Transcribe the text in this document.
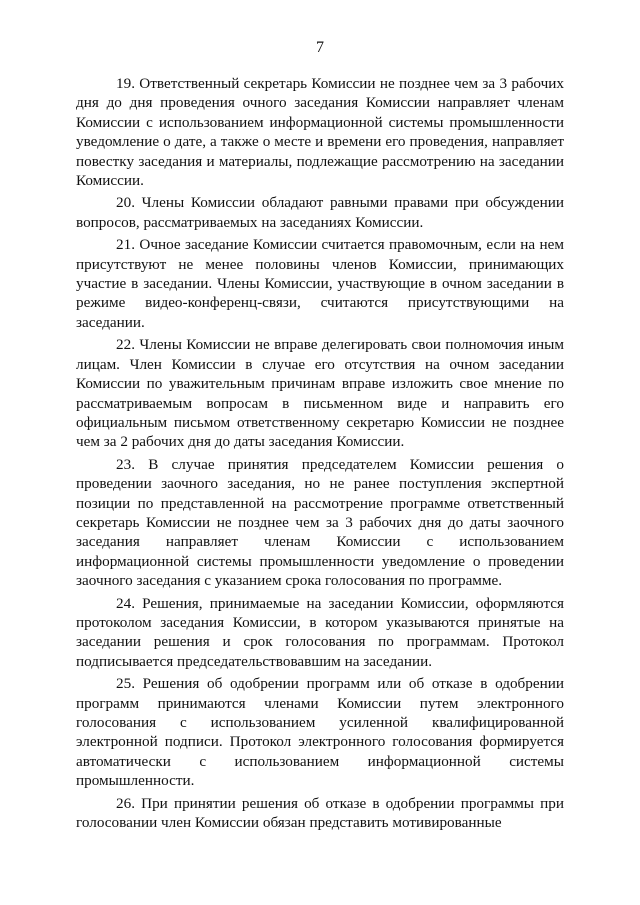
7

19. Ответственный секретарь Комиссии не позднее чем за 3 рабочих дня до дня проведения очного заседания Комиссии направляет членам Комиссии с использованием информационной системы промышленности уведомление о дате, а также о месте и времени его проведения, направляет повестку заседания и материалы, подлежащие рассмотрению на заседании Комиссии.

20. Члены Комиссии обладают равными правами при обсуждении вопросов, рассматриваемых на заседаниях Комиссии.

21. Очное заседание Комиссии считается правомочным, если на нем присутствуют не менее половины членов Комиссии, принимающих участие в заседании. Члены Комиссии, участвующие в очном заседании в режиме видео-конференц-связи, считаются присутствующими на заседании.

22. Члены Комиссии не вправе делегировать свои полномочия иным лицам. Член Комиссии в случае его отсутствия на очном заседании Комиссии по уважительным причинам вправе изложить свое мнение по рассматриваемым вопросам в письменном виде и направить его официальным письмом ответственному секретарю Комиссии не позднее чем за 2 рабочих дня до даты заседания Комиссии.

23. В случае принятия председателем Комиссии решения о проведении заочного заседания, но не ранее поступления экспертной позиции по представленной на рассмотрение программе ответственный секретарь Комиссии не позднее чем за 3 рабочих дня до даты заочного заседания направляет членам Комиссии с использованием информационной системы промышленности уведомление о проведении заочного заседания с указанием срока голосования по программе.

24. Решения, принимаемые на заседании Комиссии, оформляются протоколом заседания Комиссии, в котором указываются принятые на заседании решения и срок голосования по программам. Протокол подписывается председательствовавшим на заседании.

25. Решения об одобрении программ или об отказе в одобрении программ принимаются членами Комиссии путем электронного голосования с использованием усиленной квалифицированной электронной подписи. Протокол электронного голосования формируется автоматически с использованием информационной системы промышленности.

26. При принятии решения об отказе в одобрении программы при голосовании член Комиссии обязан представить мотивированные
